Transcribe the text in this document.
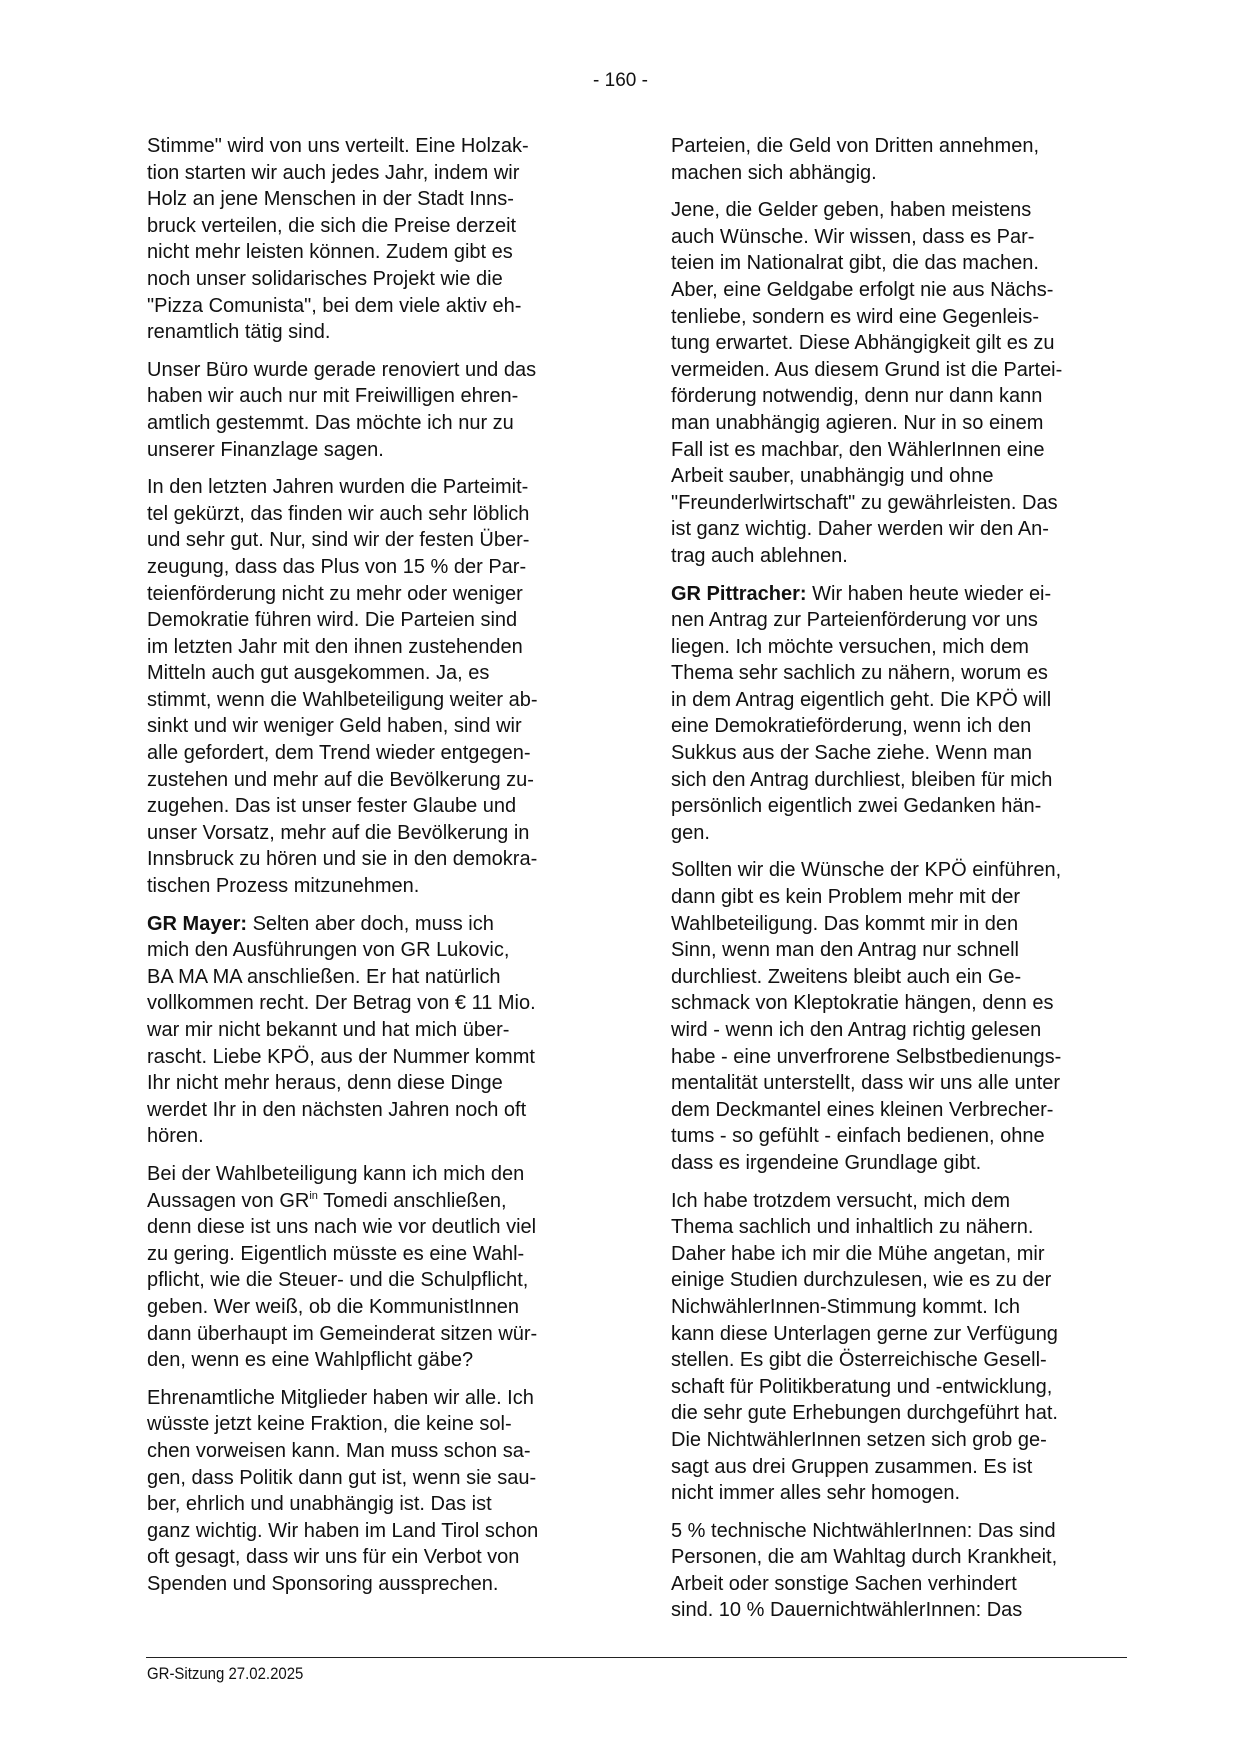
- 160 -

Stimme" wird von uns verteilt. Eine Holzak-
tion starten wir auch jedes Jahr, indem wir
Holz an jene Menschen in der Stadt Inns-
bruck verteilen, die sich die Preise derzeit
nicht mehr leisten können. Zudem gibt es
noch unser solidarisches Projekt wie die
"Pizza Comunista", bei dem viele aktiv eh-
renamtlich tätig sind.

Unser Büro wurde gerade renoviert und das
haben wir auch nur mit Freiwilligen ehren-
amtlich gestemmt. Das möchte ich nur zu
unserer Finanzlage sagen.

In den letzten Jahren wurden die Parteimit-
tel gekürzt, das finden wir auch sehr löblich
und sehr gut. Nur, sind wir der festen Über-
zeugung, dass das Plus von 15 % der Par-
teienförderung nicht zu mehr oder weniger
Demokratie führen wird. Die Parteien sind
im letzten Jahr mit den ihnen zustehenden
Mitteln auch gut ausgekommen. Ja, es
stimmt, wenn die Wahlbeteiligung weiter ab-
sinkt und wir weniger Geld haben, sind wir
alle gefordert, dem Trend wieder entgegen-
zustehen und mehr auf die Bevölkerung zu-
zugehen. Das ist unser fester Glaube und
unser Vorsatz, mehr auf die Bevölkerung in
Innsbruck zu hören und sie in den demokra-
tischen Prozess mitzunehmen.

GR Mayer: Selten aber doch, muss ich
mich den Ausführungen von GR Lukovic,
BA MA MA anschließen. Er hat natürlich
vollkommen recht. Der Betrag von € 11 Mio.
war mir nicht bekannt und hat mich über-
rascht. Liebe KPÖ, aus der Nummer kommt
Ihr nicht mehr heraus, denn diese Dinge
werdet Ihr in den nächsten Jahren noch oft
hören.

Bei der Wahlbeteiligung kann ich mich den
Aussagen von $GR^{in}$ Tomedi anschließen,
denn diese ist uns nach wie vor deutlich viel
zu gering. Eigentlich müsste es eine Wahl-
pflicht, wie die Steuer- und die Schulpflicht,
geben. Wer weiß, ob die KommunistInnen
dann überhaupt im Gemeinderat sitzen wür-
den, wenn es eine Wahlpflicht gäbe?

Ehrenamtliche Mitglieder haben wir alle. Ich
wüsste jetzt keine Fraktion, die keine sol-
chen vorweisen kann. Man muss schon sa-
gen, dass Politik dann gut ist, wenn sie sau-
ber, ehrlich und unabhängig ist. Das ist
ganz wichtig. Wir haben im Land Tirol schon
oft gesagt, dass wir uns für ein Verbot von
Spenden und Sponsoring aussprechen.

Parteien, die Geld von Dritten annehmen,
machen sich abhängig.

Jene, die Gelder geben, haben meistens
auch Wünsche. Wir wissen, dass es Par-
teien im Nationalrat gibt, die das machen.
Aber, eine Geldgabe erfolgt nie aus Nächs-
tenliebe, sondern es wird eine Gegenleis-
tung erwartet. Diese Abhängigkeit gilt es zu
vermeiden. Aus diesem Grund ist die Partei-
förderung notwendig, denn nur dann kann
man unabhängig agieren. Nur in so einem
Fall ist es machbar, den WählerInnen eine
Arbeit sauber, unabhängig und ohne
"Freunderlwirtschaft" zu gewährleisten. Das
ist ganz wichtig. Daher werden wir den An-
trag auch ablehnen.

GR Pittracher: Wir haben heute wieder ei-
nen Antrag zur Parteienförderung vor uns
liegen. Ich möchte versuchen, mich dem
Thema sehr sachlich zu nähern, worum es
in dem Antrag eigentlich geht. Die KPÖ will
eine Demokratieförderung, wenn ich den
Sukkus aus der Sache ziehe. Wenn man
sich den Antrag durchliest, bleiben für mich
persönlich eigentlich zwei Gedanken hän-
gen.

Sollten wir die Wünsche der KPÖ einführen,
dann gibt es kein Problem mehr mit der
Wahlbeteiligung. Das kommt mir in den
Sinn, wenn man den Antrag nur schnell
durchliest. Zweitens bleibt auch ein Ge-
schmack von Kleptokratie hängen, denn es
wird - wenn ich den Antrag richtig gelesen
habe - eine unverfrorene Selbstbedienungs-
mentalität unterstellt, dass wir uns alle unter
dem Deckmantel eines kleinen Verbrecher-
tums - so gefühlt - einfach bedienen, ohne
dass es irgendeine Grundlage gibt.

Ich habe trotzdem versucht, mich dem
Thema sachlich und inhaltlich zu nähern.
Daher habe ich mir die Mühe angetan, mir
einige Studien durchzulesen, wie es zu der
NichwählerInnen-Stimmung kommt. Ich
kann diese Unterlagen gerne zur Verfügung
stellen. Es gibt die Österreichische Gesell-
schaft für Politikberatung und -entwicklung,
die sehr gute Erhebungen durchgeführt hat.
Die NichtwählerInnen setzen sich grob ge-
sagt aus drei Gruppen zusammen. Es ist
nicht immer alles sehr homogen.

5 % technische NichtwählerInnen: Das sind
Personen, die am Wahltag durch Krankheit,
Arbeit oder sonstige Sachen verhindert
sind. 10 % DauernichtwählerInnen: Das

GR-Sitzung 27.02.2025
